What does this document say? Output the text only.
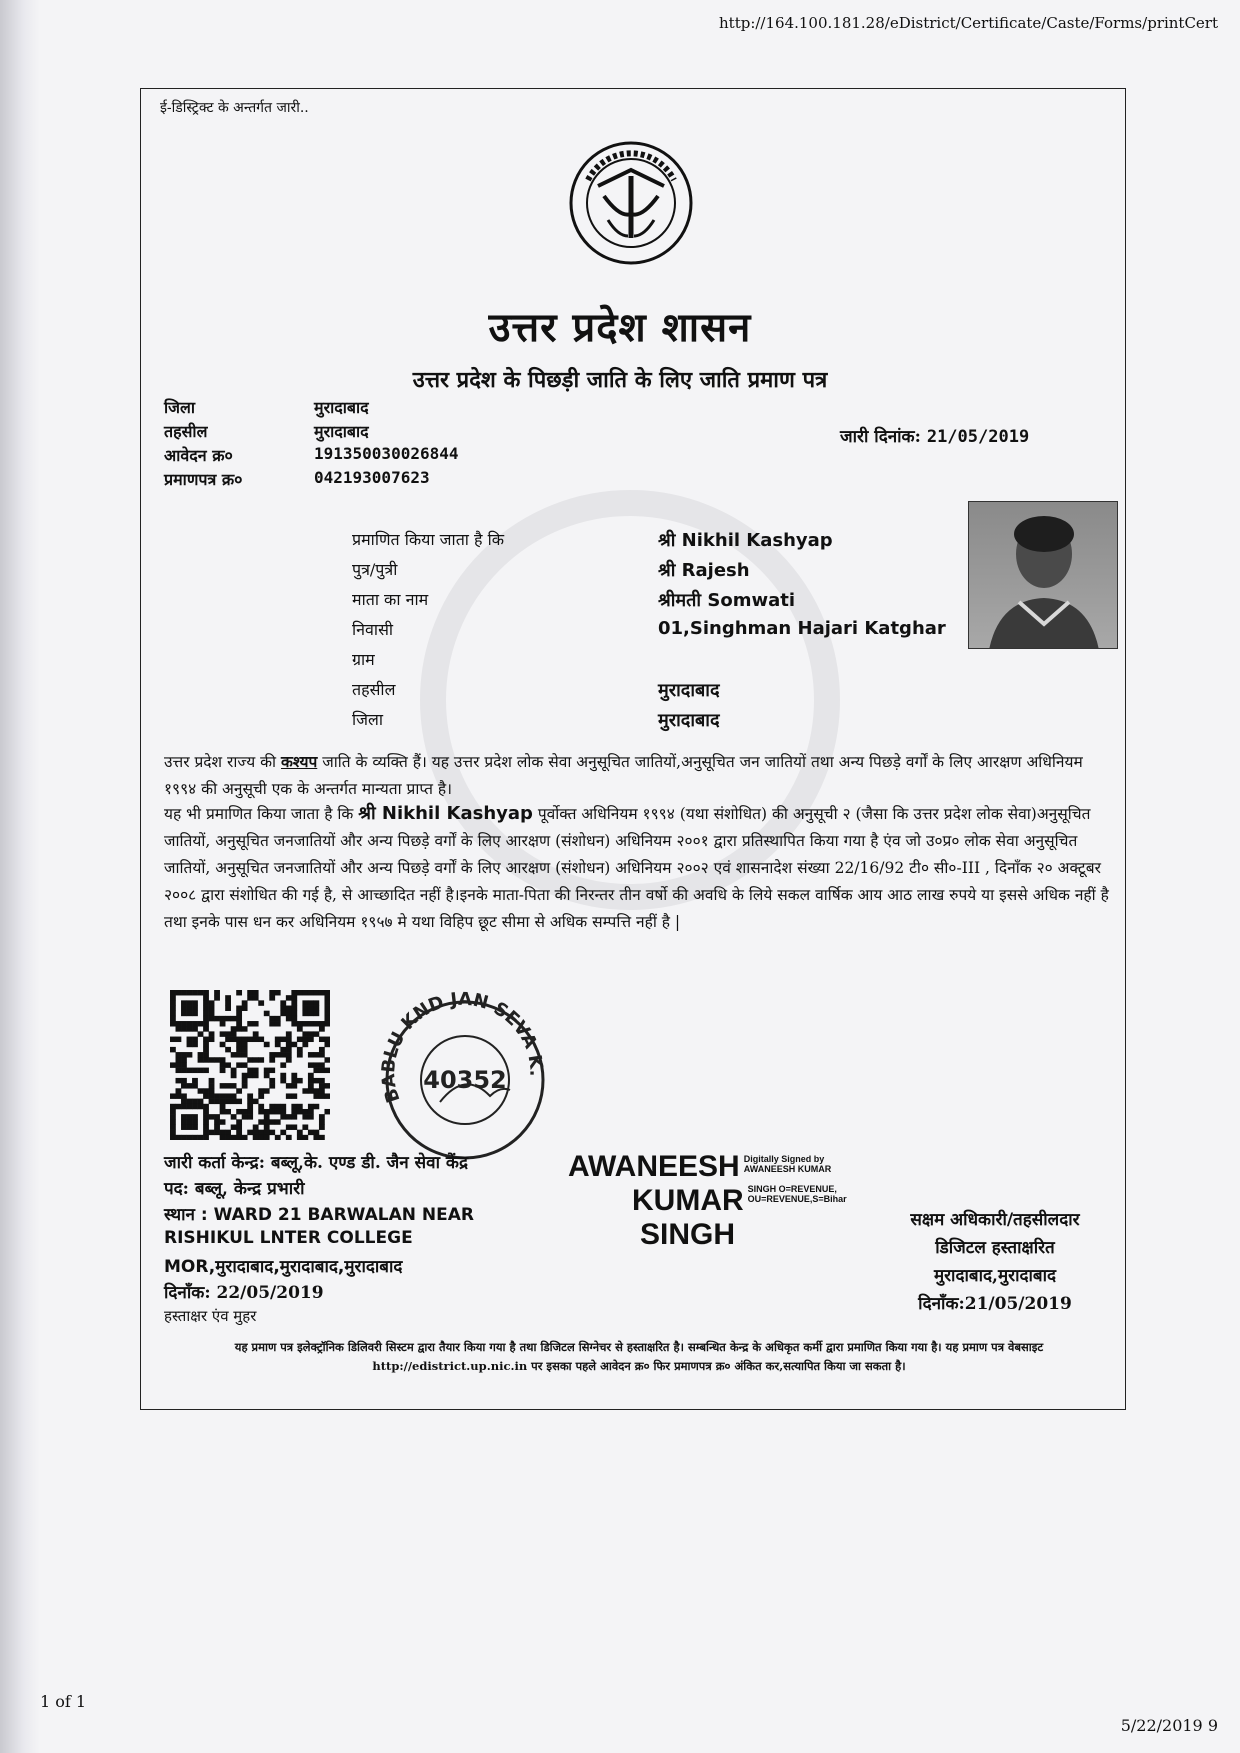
http://164.100.181.28/eDistrict/Certificate/Caste/Forms/printCert
ई-डिस्ट्रिक्ट के अन्तर्गत जारी..
उत्तर प्रदेश शासन
उत्तर प्रदेश के पिछड़ी जाति के लिए जाति प्रमाण पत्र
जिला	मुरादाबाद
तहसील	मुरादाबाद
आवेदन क्र०	191350030026844
प्रमाणपत्र क्र०	042193007623
जारी दिनांक: 21/05/2019
प्रमाणित किया जाता है कि	श्री Nikhil Kashyap
पुत्र/पुत्री	श्री Rajesh
माता का नाम	श्रीमती Somwati
निवासी	01,Singhman Hajari Katghar
ग्राम
तहसील	मुरादाबाद
जिला	मुरादाबाद
उत्तर प्रदेश राज्य की कश्यप जाति के व्यक्ति हैं। यह उत्तर प्रदेश लोक सेवा अनुसूचित जातियों,अनुसूचित जन जातियों तथा अन्य पिछड़े वर्गों के लिए आरक्षण अधिनियम १९९४ की अनुसूची एक के अन्तर्गत मान्यता प्राप्त है।
यह भी प्रमाणित किया जाता है कि श्री Nikhil Kashyap पूर्वोक्त अधिनियम १९९४ (यथा संशोधित) की अनुसूची २ (जैसा कि उत्तर प्रदेश लोक सेवा)अनुसूचित जातियों, अनुसूचित जनजातियों और अन्य पिछड़े वर्गों के लिए आरक्षण (संशोधन) अधिनियम २००१ द्वारा प्रतिस्थापित किया गया है एंव जो उ०प्र० लोक सेवा अनुसूचित जातियों, अनुसूचित जनजातियों और अन्य पिछड़े वर्गों के लिए आरक्षण (संशोधन) अधिनियम २००२ एवं शासनादेश संख्या 22/16/92 टी० सी०-III , दिनाँक २० अक्टूबर २००८ द्वारा संशोधित की गई है, से आच्छादित नहीं है।इनके माता-पिता की निरन्तर तीन वर्षो की अवधि के लिये सकल वार्षिक आय आठ लाख रुपये या इससे अधिक नहीं है तथा इनके पास धन कर अधिनियम १९५७ मे यथा विहिप छूट सीमा से अधिक सम्पत्ति नहीं है |
BABLU KND JAN SEVA K.
40352
जारी कर्ता केन्द्र: बब्लू,के. एण्ड डी. जैन सेवा केंद्र
पद: बब्लू, केन्द्र प्रभारी
स्थान : WARD 21 BARWALAN NEAR
RISHIKUL LNTER COLLEGE
MOR,मुरादाबाद,मुरादाबाद,मुरादाबाद
दिनाँक: 22/05/2019
हस्ताक्षर एंव मुहर
AWANEESH Digitally Signed by
AWANEESH KUMAR
KUMAR SINGH O=REVENUE,
OU=REVENUE,S=Bihar
SINGH	सक्षम अधिकारी/तहसीलदार
डिजिटल हस्ताक्षरित
मुरादाबाद,मुरादाबाद
दिनाँक:21/05/2019
यह प्रमाण पत्र इलेक्ट्रॉनिक डिलिवरी सिस्टम द्वारा तैयार किया गया है तथा डिजिटल सिग्नेचर से हस्ताक्षरित है। सम्बन्धित केन्द्र के अधिकृत कर्मी द्वारा प्रमाणित किया गया है। यह प्रमाण पत्र वेबसाइट http://edistrict.up.nic.in पर इसका पहले आवेदन क्र० फिर प्रमाणपत्र क्र० अंकित कर,सत्यापित किया जा सकता है।
1 of 1
5/22/2019 9
